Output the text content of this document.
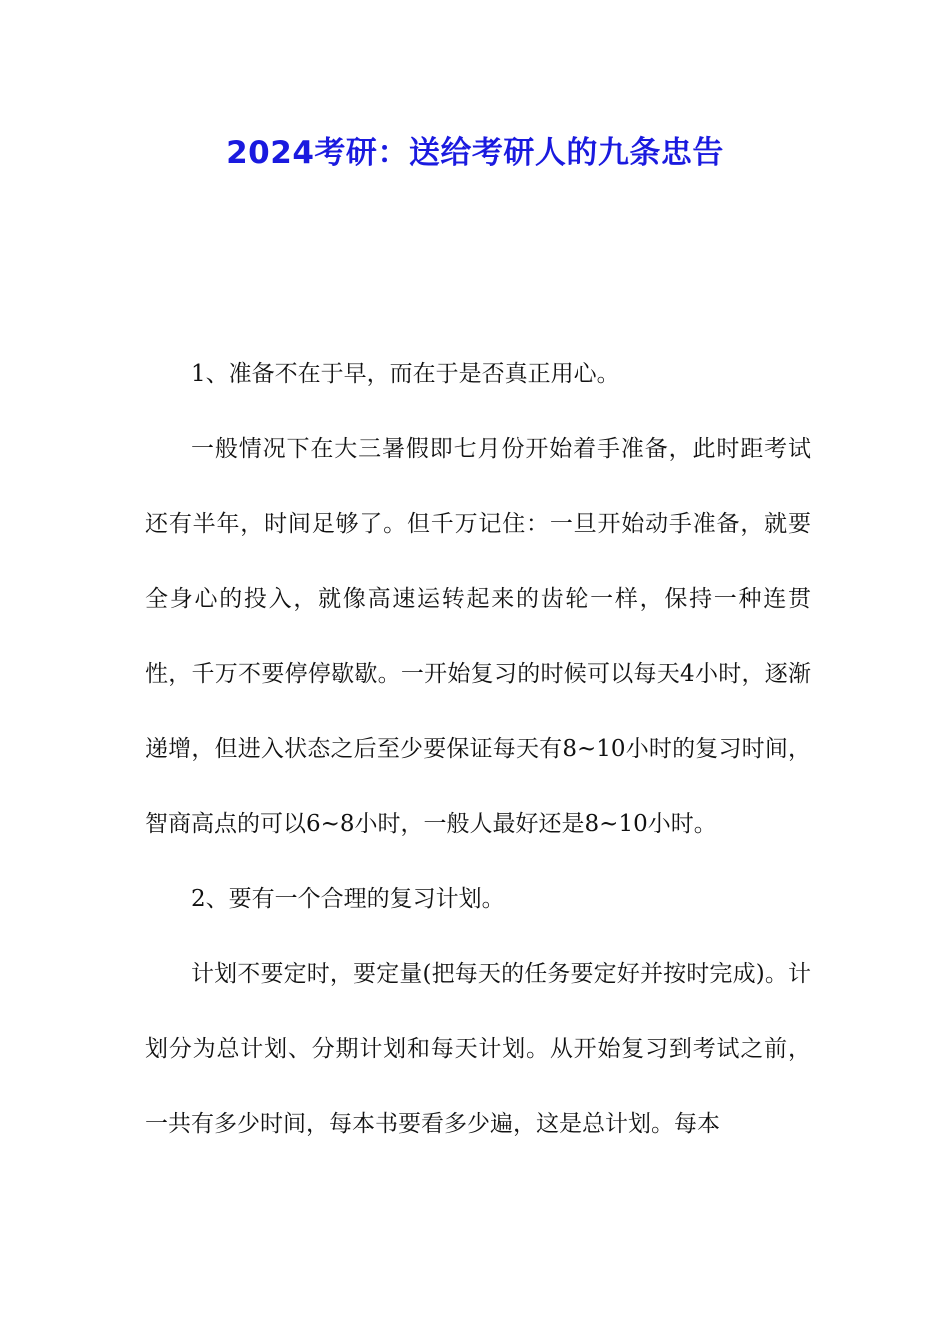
2024考研：送给考研人的九条忠告

1、准备不在于早，而在于是否真正用心。

一般情况下在大三暑假即七月份开始着手准备，此时距考试还有半年，时间足够了。但千万记住：一旦开始动手准备，就要全身心的投入，就像高速运转起来的齿轮一样，保持一种连贯性，千万不要停停歇歇。一开始复习的时候可以每天4小时，逐渐递增，但进入状态之后至少要保证每天有8~10小时的复习时间，智商高点的可以6~8小时，一般人最好还是8~10小时。

2、要有一个合理的复习计划。

计划不要定时，要定量(把每天的任务要定好并按时完成)。计划分为总计划、分期计划和每天计划。从开始复习到考试之前，一共有多少时间，每本书要看多少遍，这是总计划。每本
